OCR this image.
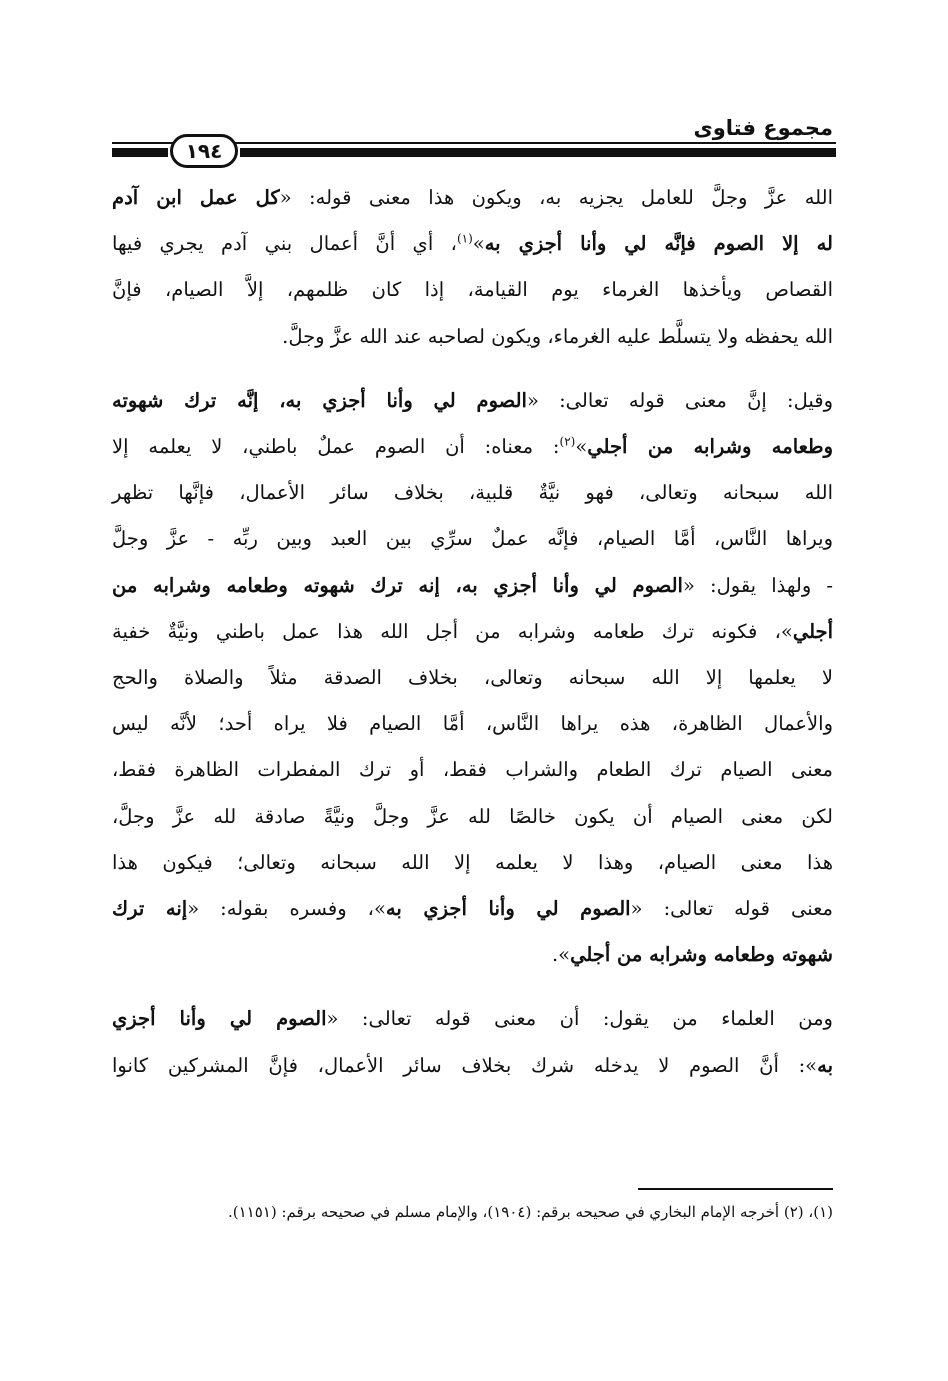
مجموع فتاوى
١٩٤
الله عزَّ وجلَّ للعامل يجزيه به، ويكون هذا معنى قوله: «كل عمل ابن آدم
له إلا الصوم فإنَّه لي وأنا أجزي به»$^{(١)}$، أي أنَّ أعمال بني آدم يجري فيها
القصاص ويأخذها الغرماء يوم القيامة، إذا كان ظلمهم، إلاَّ الصيام، فإنَّ
الله يحفظه ولا يتسلَّط عليه الغرماء، ويكون لصاحبه عند الله عزَّ وجلَّ.
وقيل: إنَّ معنى قوله تعالى: «الصوم لي وأنا أجزي به، إنَّه ترك شهوته
وطعامه وشرابه من أجلي»$^{(٢)}$: معناه: أن الصوم عملٌ باطني، لا يعلمه إلا
الله سبحانه وتعالى، فهو نيَّةٌ قلبية، بخلاف سائر الأعمال، فإنَّها تظهر
ويراها النَّاس، أمَّا الصيام، فإنَّه عملٌ سرِّي بين العبد وبين ربِّه - عزَّ وجلَّ
- ولهذا يقول: «الصوم لي وأنا أجزي به، إنه ترك شهوته وطعامه وشرابه من
أجلي»، فكونه ترك طعامه وشرابه من أجل الله هذا عمل باطني ونيَّةٌ خفية
لا يعلمها إلا الله سبحانه وتعالى، بخلاف الصدقة مثلاً والصلاة والحج
والأعمال الظاهرة، هذه يراها النَّاس، أمَّا الصيام فلا يراه أحد؛ لأنَّه ليس
معنى الصيام ترك الطعام والشراب فقط، أو ترك المفطرات الظاهرة فقط،
لكن معنى الصيام أن يكون خالصًا لله عزَّ وجلَّ ونيَّةً صادقة لله عزَّ وجلَّ،
هذا معنى الصيام، وهذا لا يعلمه إلا الله سبحانه وتعالى؛ فيكون هذا
معنى قوله تعالى: «الصوم لي وأنا أجزي به»، وفسره بقوله: «إنه ترك
شهوته وطعامه وشرابه من أجلي».
ومن العلماء من يقول: أن معنى قوله تعالى: «الصوم لي وأنا أجزي
به»: أنَّ الصوم لا يدخله شرك بخلاف سائر الأعمال، فإنَّ المشركين كانوا

(١)، (٢) أخرجه الإمام البخاري في صحيحه برقم: (١٩٠٤)، والإمام مسلم في صحيحه برقم: (١١٥١).
